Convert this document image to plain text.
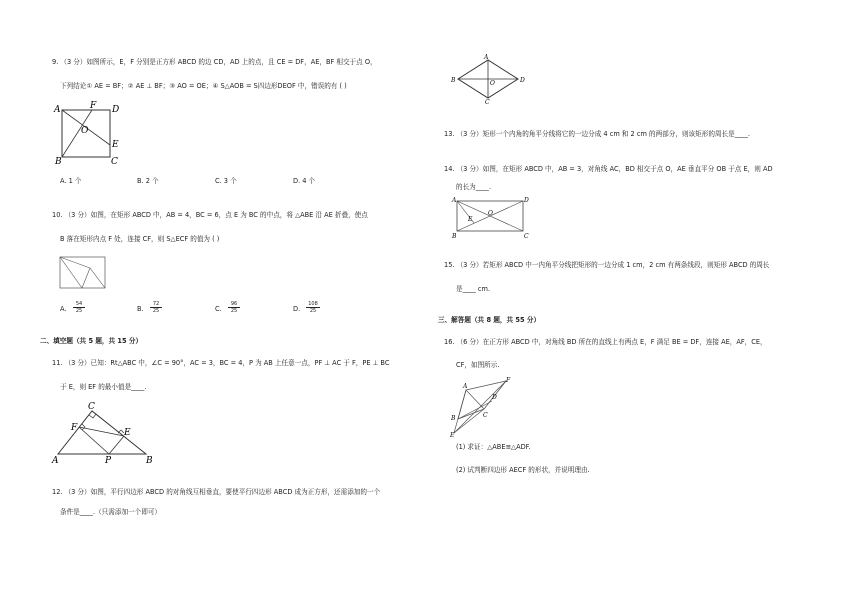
9. （3 分）如图所示，E，F 分别是正方形 ABCD 的边 CD，AD 上的点，且 CE = DF，AE，BF 相交于点 O，
下列结论① AE = BF；② AE ⊥ BF；③ AO = OE；④ S△AOB = S四边形DEOF 中，错误的有 ( )
A	F D
O
E
B	C
A. 1 个	B. 2 个	C. 3 个	D. 4 个
10. （3 分）如图，在矩形 ABCD 中，AB = 4，BC = 6，点 E 为 BC 的中点，将 △ABE 沿 AE 折叠，使点
B 落在矩形内点 F 处，连接 CF，则 S△ECF 的值为 ( )
A. $\frac{54}{25}$	B. $\frac{72}{25}$	C. $\frac{96}{25}$	D. $\frac{108}{25}$
二、填空题（共 5 题，共 15 分）
11. （3 分）已知：Rt△ABC 中，∠C = 90°，AC = 3，BC = 4，P 为 AB 上任意一点，PF ⊥ AC 于 F，PE ⊥ BC
于 E，则 EF 的最小值是____.
C
F	E
A	P	B
12. （3 分）如图，平行四边形 ABCD 的对角线互相垂直，要使平行四边形 ABCD 成为正方形，还需添加的一个
条件是____.（只需添加一个即可）
A
B	D
O
C
13. （3 分）矩形一个内角的角平分线将它的一边分成 4 cm 和 2 cm 的两部分，则该矩形的周长是____.
14. （3 分）如图，在矩形 ABCD 中，AB = 3，对角线 AC，BD 相交于点 O，AE 垂直平分 OB 于点 E，则 AD
的长为____.
A	D
E
O
B	C
15. （3 分）若矩形 ABCD 中一内角平分线把矩形的一边分成 1 cm，2 cm 有两条线段，则矩形 ABCD 的周长
是____ cm.
三、解答题（共 8 题，共 55 分）
16. （6 分）在正方形 ABCD 中，对角线 BD 所在的直线上有两点 E，F 满足 BE = DF，连接 AE，AF，CE，
CF，如图所示.
F
A
D
B	C
E
(1) 求证：△ABE≌△ADF.
(2) 试判断四边形 AECF 的形状，并说明理由.
